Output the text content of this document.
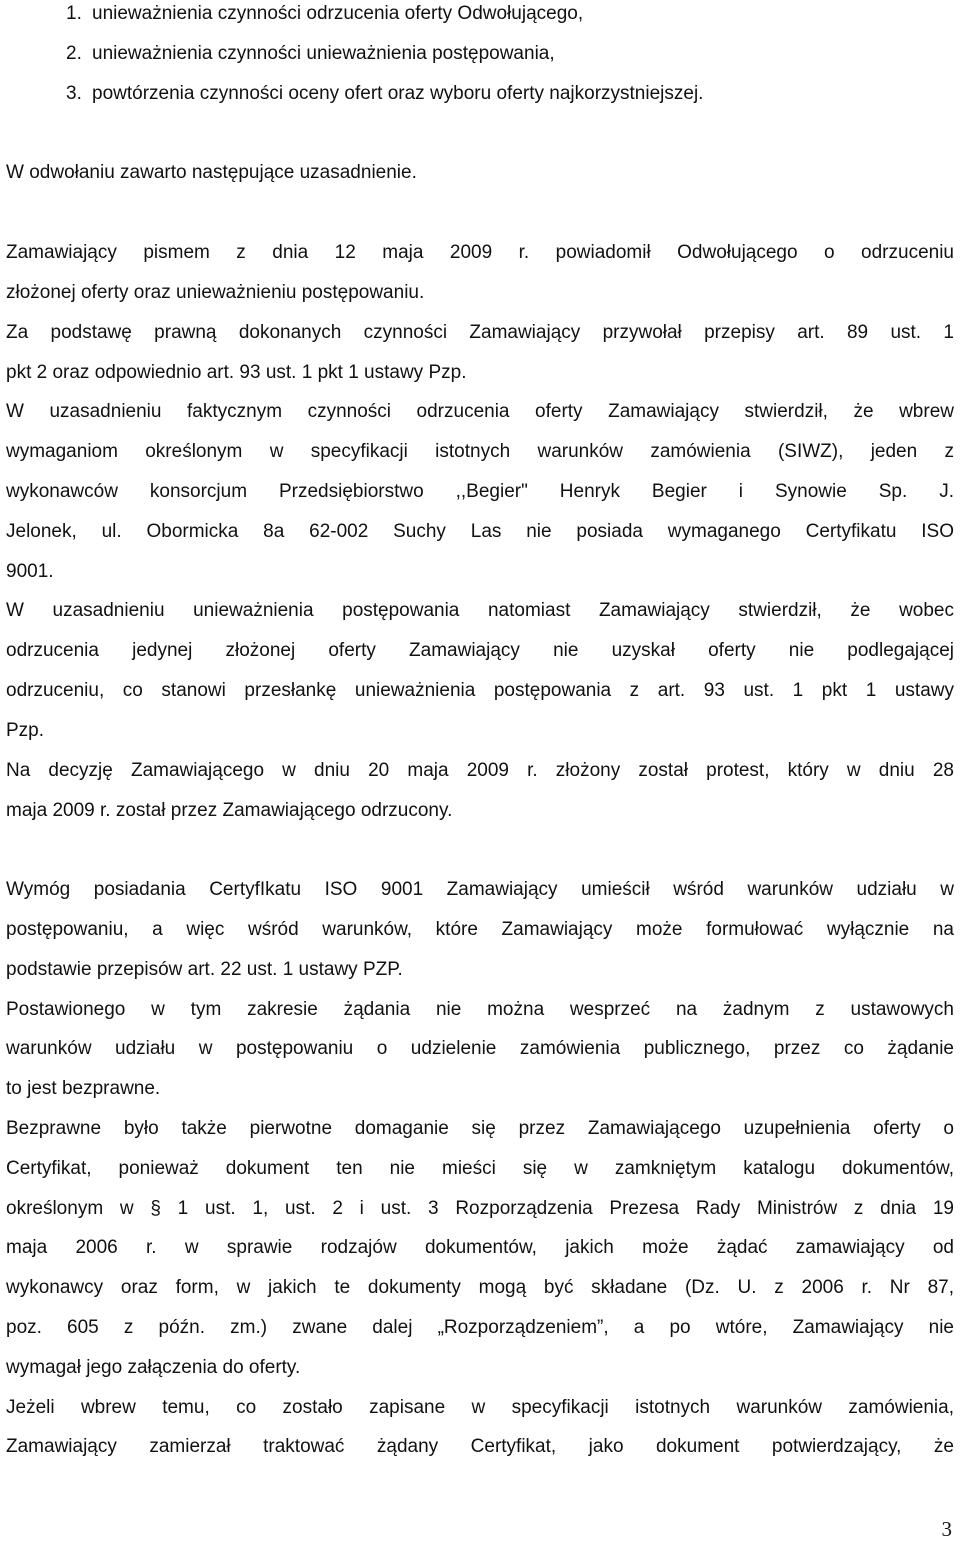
1. unieważnienia czynności odrzucenia oferty Odwołującego,
2. unieważnienia czynności unieważnienia postępowania,
3. powtórzenia czynności oceny ofert oraz wyboru oferty najkorzystniejszej.
W odwołaniu zawarto następujące uzasadnienie.
Zamawiający pismem z dnia 12 maja 2009 r. powiadomił Odwołującego o odrzuceniu
złożonej oferty oraz unieważnieniu postępowaniu.
Za podstawę prawną dokonanych czynności Zamawiający przywołał przepisy art. 89 ust. 1
pkt 2 oraz odpowiednio art. 93 ust. 1 pkt 1 ustawy Pzp.
W uzasadnieniu faktycznym czynności odrzucenia oferty Zamawiający stwierdził, że wbrew
wymaganiom określonym w specyfikacji istotnych warunków zamówienia (SIWZ), jeden z
wykonawców konsorcjum Przedsiębiorstwo ,,Begier" Henryk Begier i Synowie Sp. J.
Jelonek, ul. Obormicka 8a 62-002 Suchy Las nie posiada wymaganego Certyfikatu ISO
9001.
W uzasadnieniu unieważnienia postępowania natomiast Zamawiający stwierdził, że wobec
odrzucenia jedynej złożonej oferty Zamawiający nie uzyskał oferty nie podlegającej
odrzuceniu, co stanowi przesłankę unieważnienia postępowania z art. 93 ust. 1 pkt 1 ustawy
Pzp.
Na decyzję Zamawiającego w dniu 20 maja 2009 r. złożony został protest, który w dniu 28
maja 2009 r. został przez Zamawiającego odrzucony.
Wymóg posiadania CertyfIkatu ISO 9001 Zamawiający umieścił wśród warunków udziału w
postępowaniu, a więc wśród warunków, które Zamawiający może formułować wyłącznie na
podstawie przepisów art. 22 ust. 1 ustawy PZP.
Postawionego w tym zakresie żądania nie można wesprzeć na żadnym z ustawowych
warunków udziału w postępowaniu o udzielenie zamówienia publicznego, przez co żądanie
to jest bezprawne.
Bezprawne było także pierwotne domaganie się przez Zamawiającego uzupełnienia oferty o
Certyfikat, ponieważ dokument ten nie mieści się w zamkniętym katalogu dokumentów,
określonym w § 1 ust. 1, ust. 2 i ust. 3 Rozporządzenia Prezesa Rady Ministrów z dnia 19
maja 2006 r. w sprawie rodzajów dokumentów, jakich może żądać zamawiający od
wykonawcy oraz form, w jakich te dokumenty mogą być składane (Dz. U. z 2006 r. Nr 87,
poz. 605 z późn. zm.) zwane dalej „Rozporządzeniem”, a po wtóre, Zamawiający nie
wymagał jego załączenia do oferty.
Jeżeli wbrew temu, co zostało zapisane w specyfikacji istotnych warunków zamówienia,
Zamawiający zamierzał traktować żądany Certyfikat, jako dokument potwierdzający, że
3
